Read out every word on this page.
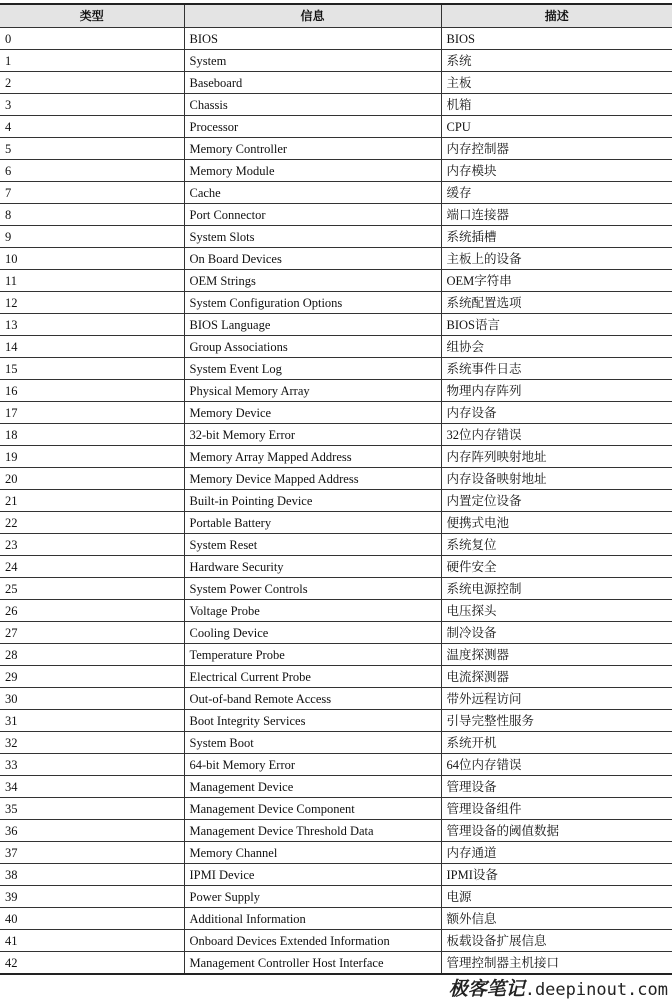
类型	信息	描述
0	BIOS	BIOS
1	System	系统
2	Baseboard	主板
3	Chassis	机箱
4	Processor	CPU
5	Memory Controller	内存控制器
6	Memory Module	内存模块
7	Cache	缓存
8	Port Connector	端口连接器
9	System Slots	系统插槽
10	On Board Devices	主板上的设备
11	OEM Strings	OEM字符串
12	System Configuration Options	系统配置选项
13	BIOS Language	BIOS语言
14	Group Associations	组协会
15	System Event Log	系统事件日志
16	Physical Memory Array	物理内存阵列
17	Memory Device	内存设备
18	32-bit Memory Error	32位内存错误
19	Memory Array Mapped Address	内存阵列映射地址
20	Memory Device Mapped Address	内存设备映射地址
21	Built-in Pointing Device	内置定位设备
22	Portable Battery	便携式电池
23	System Reset	系统复位
24	Hardware Security	硬件安全
25	System Power Controls	系统电源控制
26	Voltage Probe	电压探头
27	Cooling Device	制冷设备
28	Temperature Probe	温度探测器
29	Electrical Current Probe	电流探测器
30	Out-of-band Remote Access	带外远程访问
31	Boot Integrity Services	引导完整性服务
32	System Boot	系统开机
33	64-bit Memory Error	64位内存错误
34	Management Device	管理设备
35	Management Device Component	管理设备组件
36	Management Device Threshold Data	管理设备的阈值数据
37	Memory Channel	内存通道
38	IPMI Device	IPMI设备
39	Power Supply	电源
40	Additional Information	额外信息
41	Onboard Devices Extended Information	板载设备扩展信息
42	Management Controller Host Interface	管理控制器主机接口
极客笔记.deepinout.com
